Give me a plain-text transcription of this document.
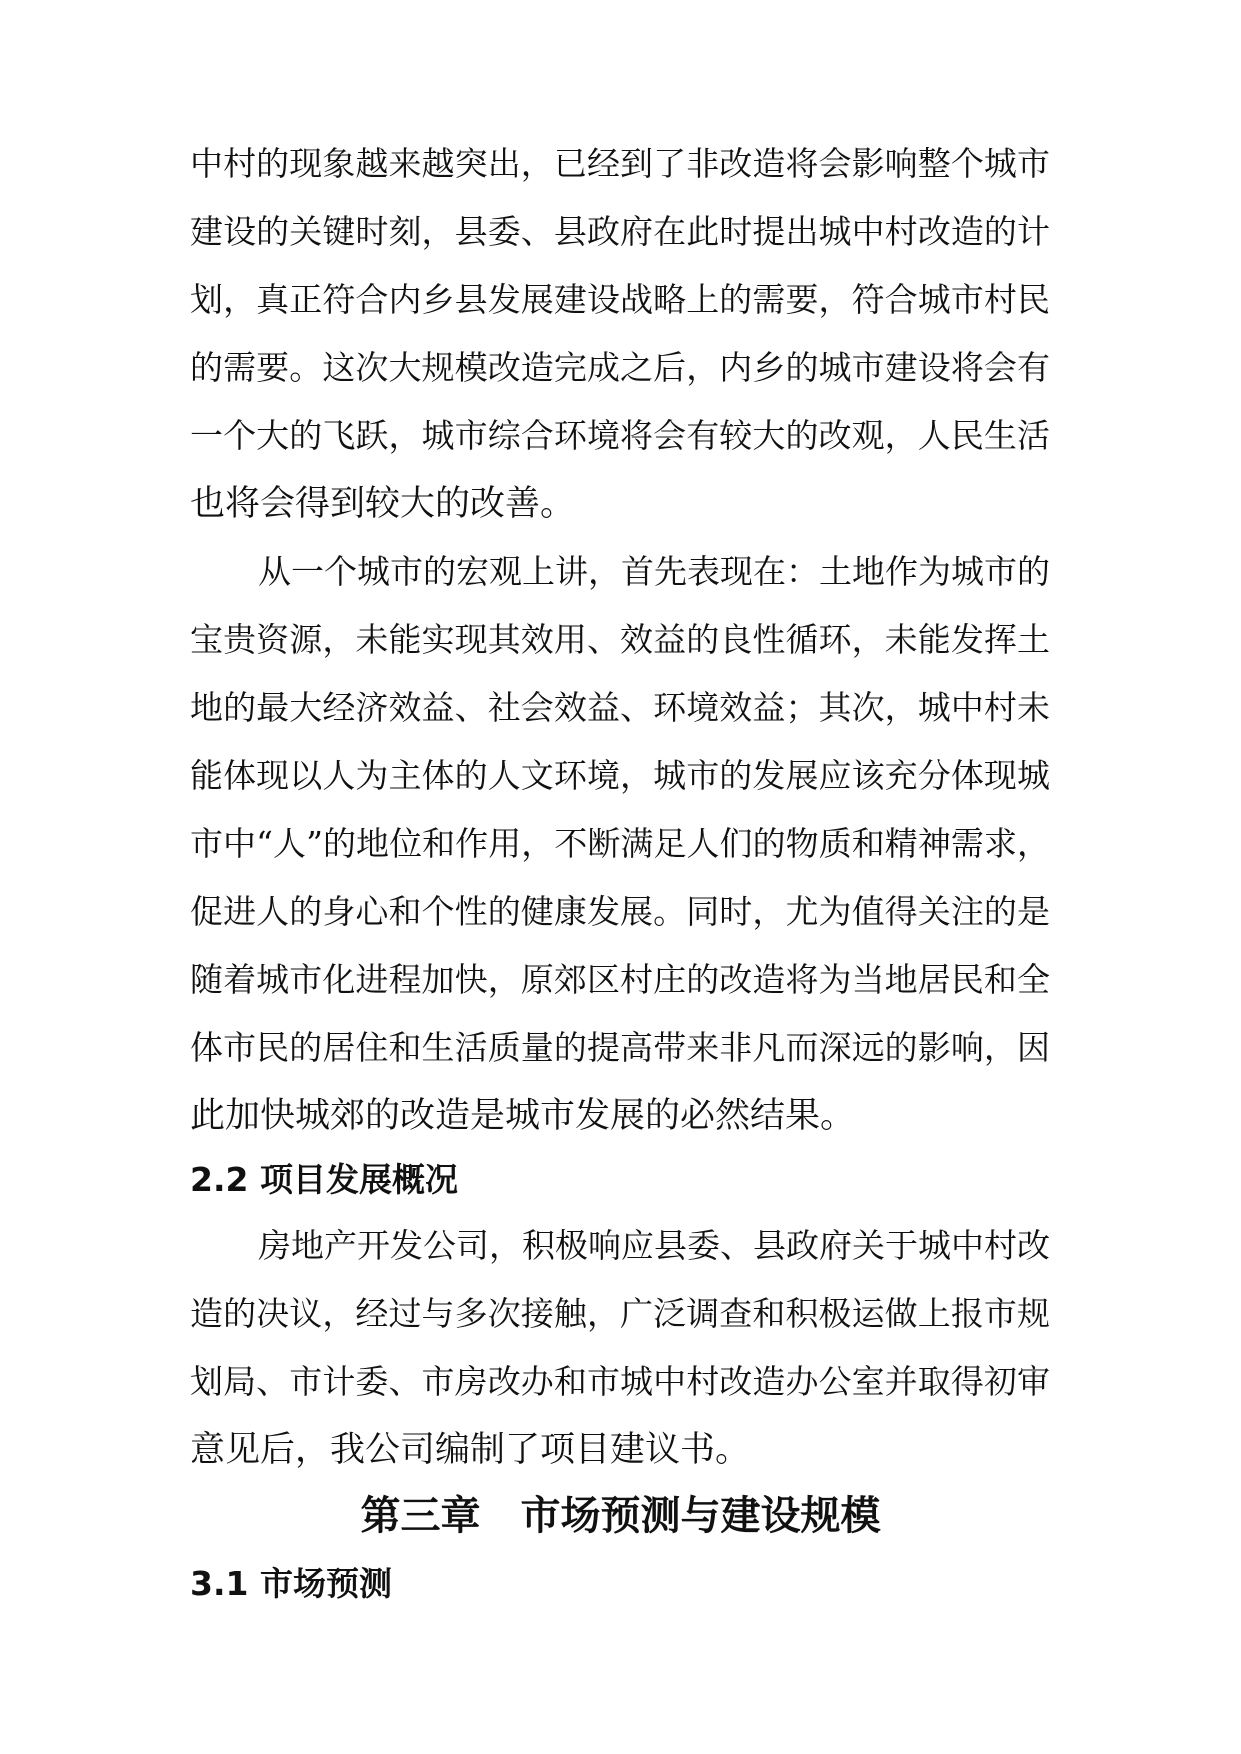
中村的现象越来越突出，已经到了非改造将会影响整个城市
建设的关键时刻，县委、县政府在此时提出城中村改造的计
划，真正符合内乡县发展建设战略上的需要，符合城市村民
的需要。这次大规模改造完成之后，内乡的城市建设将会有
一个大的飞跃，城市综合环境将会有较大的改观，人民生活
也将会得到较大的改善。
从一个城市的宏观上讲，首先表现在：土地作为城市的
宝贵资源，未能实现其效用、效益的良性循环，未能发挥土
地的最大经济效益、社会效益、环境效益；其次，城中村未
能体现以人为主体的人文环境，城市的发展应该充分体现城
市中“人”的地位和作用，不断满足人们的物质和精神需求，
促进人的身心和个性的健康发展。同时，尤为值得关注的是
随着城市化进程加快，原郊区村庄的改造将为当地居民和全
体市民的居住和生活质量的提高带来非凡而深远的影响，因
此加快城郊的改造是城市发展的必然结果。
2.2 项目发展概况
房地产开发公司，积极响应县委、县政府关于城中村改
造的决议，经过与多次接触，广泛调查和积极运做上报市规
划局、市计委、市房改办和市城中村改造办公室并取得初审
意见后，我公司编制了项目建议书。
第三章　市场预测与建设规模
3.1 市场预测
